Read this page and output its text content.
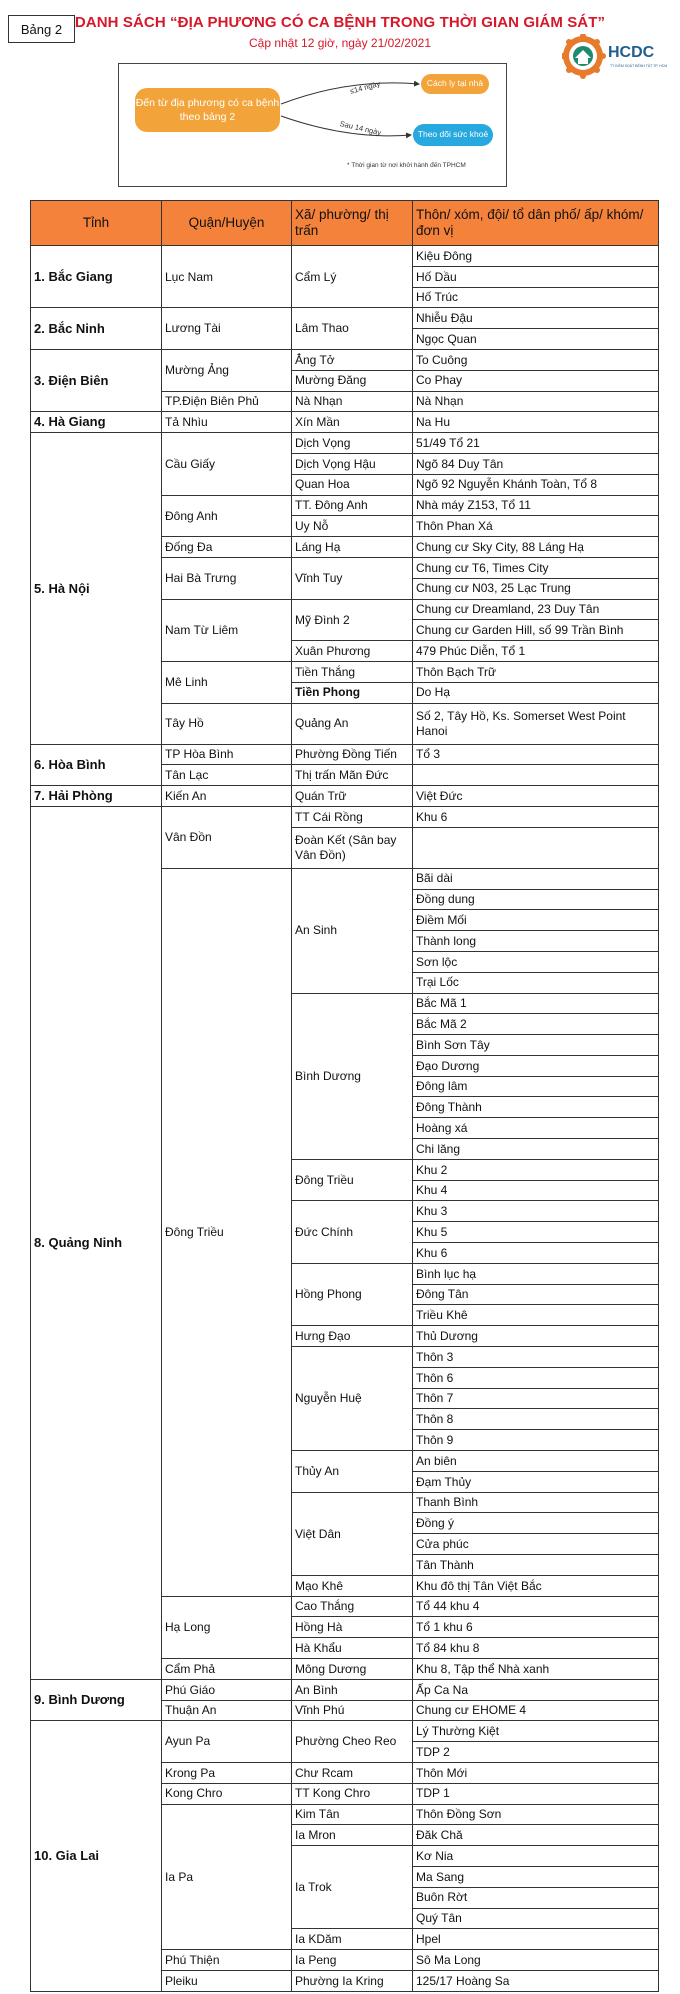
Bảng 2 DANH SÁCH “ĐỊA PHƯƠNG CÓ CA BỆNH TRONG THỜI GIAN GIÁM SÁT”
Cập nhật 12 giờ, ngày 21/02/2021
HCDC
TT KIỂM SOÁT BỆNH TẬT TP. HCM
Đến từ địa phương có ca bệnh theo bảng 2
Cách ly tại nhà
Theo dõi sức khoẻ
≤14 ngày
Sau 14 ngày
* Thời gian từ nơi khởi hành đến TPHCM
Tỉnh	Quận/Huyện	Xã/ phường/ thị trấn	Thôn/ xóm, đội/ tổ dân phố/ ấp/ khóm/ đơn vị
1. Bắc Giang	Lục Nam	Cẩm Lý	Kiệu Đông
			Hố Dầu
			Hố Trúc
2. Bắc Ninh	Lương Tài	Lâm Thao	Nhiễu Đậu
			Ngọc Quan
3. Điện Biên	Mường Ảng	Ẳng Tở	To Cuông
		Mường Đăng	Co Phay
	TP.Điện Biên Phủ	Nà Nhạn	Nà Nhạn
4. Hà Giang	Tả Nhìu	Xín Mần	Na Hu
5. Hà Nội	Cầu Giấy	Dịch Vọng	51/49 Tổ 21
		Dịch Vọng Hậu	Ngõ 84 Duy Tân
		Quan Hoa	Ngõ 92 Nguyễn Khánh Toàn, Tổ 8
	Đông Anh	TT. Đông Anh	Nhà máy Z153, Tổ 11
		Uy Nỗ	Thôn Phan Xá
	Đống Đa	Láng Hạ	Chung cư Sky City, 88 Láng Hạ
	Hai Bà Trưng	Vĩnh Tuy	Chung cư T6, Times City
			Chung cư N03, 25 Lạc Trung
	Nam Từ Liêm	Mỹ Đình 2	Chung cư Dreamland, 23 Duy Tân
			Chung cư Garden Hill, số 99 Trần Bình
		Xuân Phương	479 Phúc Diễn, Tổ 1
	Mê Linh	Tiền Thắng	Thôn Bạch Trữ
		Tiền Phong	Do Hạ
	Tây Hồ	Quảng An	Số 2, Tây Hồ, Ks. Somerset West Point Hanoi
6. Hòa Bình	TP Hòa Bình	Phường Đồng Tiến	Tổ 3
	Tân Lạc	Thị trấn Mãn Đức	
7. Hải Phòng	Kiến An	Quán Trữ	Việt Đức
8. Quảng Ninh	Vân Đồn	TT Cái Rồng	Khu 6
		Đoàn Kết (Sân bay Vân Đồn)	
	Đông Triều	An Sinh	Bãi dài
			Đồng dung
			Điềm Mối
			Thành long
			Sơn lộc
			Trại Lốc
		Bình Dương	Bắc Mã 1
			Bắc Mã 2
			Bình Sơn Tây
			Đạo Dương
			Đông lâm
			Đông Thành
			Hoàng xá
			Chi lăng
		Đông Triều	Khu 2
			Khu 4
		Đức Chính	Khu 3
			Khu 5
			Khu 6
		Hồng Phong	Bình lục hạ
			Đông Tân
			Triều Khê
		Hưng Đạo	Thủ Dương
		Nguyễn Huệ	Thôn 3
			Thôn 6
			Thôn 7
			Thôn 8
			Thôn 9
		Thủy An	An biên
			Đạm Thủy
		Việt Dân	Thanh Bình
			Đồng ý
			Cửa phúc
			Tân Thành
		Mạo Khê	Khu đô thị Tân Việt Bắc
	Hạ Long	Cao Thắng	Tổ 44 khu 4
		Hồng Hà	Tổ 1 khu 6
		Hà Khẩu	Tổ 84 khu 8
	Cẩm Phả	Mông Dương	Khu 8, Tập thể Nhà xanh
9. Bình Dương	Phú Giáo	An Bình	Ấp Ca Na
	Thuận An	Vĩnh Phú	Chung cư EHOME 4
10. Gia Lai	Ayun Pa	Phường Cheo Reo	Lý Thường Kiệt
			TDP 2
	Krong Pa	Chư Rcam	Thôn Mới
	Kong Chro	TT Kong Chro	TDP 1
	Ia Pa	Kim Tân	Thôn Đồng Sơn
		Ia Mron	Đăk Chă
		Ia Trok	Kơ Nia
			Ma Sang
			Buôn Rờt
			Quý Tân
		Ia KDăm	Hpel
	Phú Thiện	Ia Peng	Sô Ma Long
	Pleiku	Phường Ia Kring	125/17 Hoàng Sa
